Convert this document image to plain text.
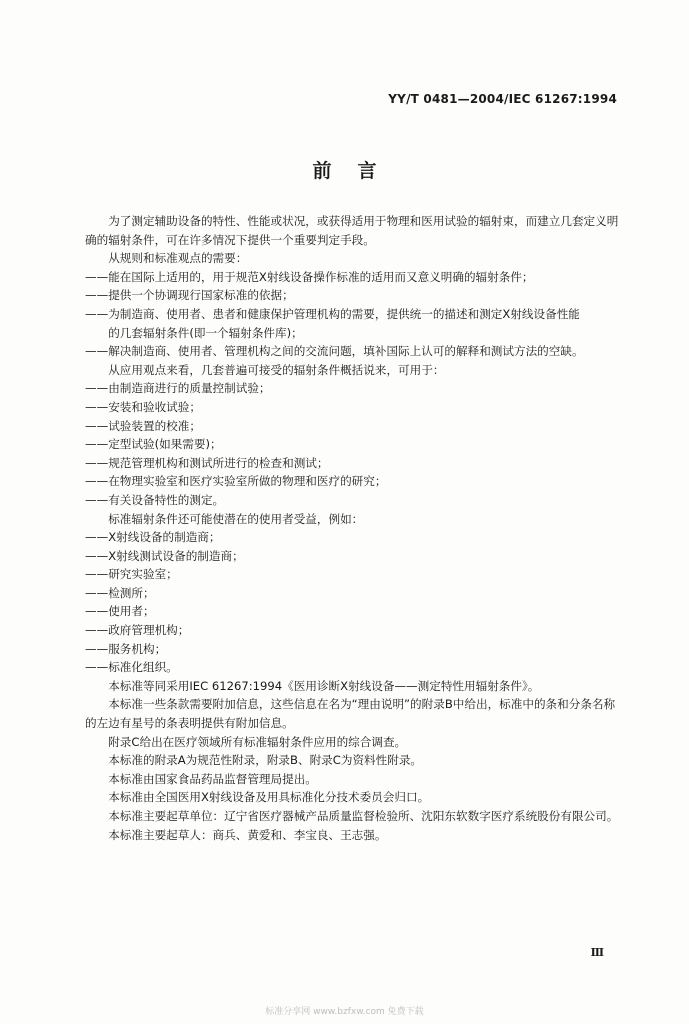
YY/T 0481—2004/IEC 61267:1994
前言

为了测定辅助设备的特性、性能或状况，或获得适用于物理和医用试验的辐射束，而建立几套定义明确的辐射条件，可在许多情况下提供一个重要判定手段。

从规则和标准观点的需要：

——能在国际上适用的，用于规范X射线设备操作标准的适用而又意义明确的辐射条件；

——提供一个协调现行国家标准的依据；

——为制造商、使用者、患者和健康保护管理机构的需要，提供统一的描述和测定X射线设备性能

的几套辐射条件(即一个辐射条件库)；

——解决制造商、使用者、管理机构之间的交流问题，填补国际上认可的解释和测试方法的空缺。

从应用观点来看，几套普遍可接受的辐射条件概括说来，可用于：

——由制造商进行的质量控制试验；

——安装和验收试验；

——试验装置的校准；

——定型试验(如果需要)；

——规范管理机构和测试所进行的检查和测试；

——在物理实验室和医疗实验室所做的物理和医疗的研究；

——有关设备特性的测定。

标准辐射条件还可能使潜在的使用者受益，例如：

——X射线设备的制造商；

——X射线测试设备的制造商；

——研究实验室；

——检测所；

——使用者；

——政府管理机构；

——服务机构；

——标准化组织。

本标准等同采用IEC 61267:1994《医用诊断X射线设备——测定特性用辐射条件》。

本标准一些条款需要附加信息，这些信息在名为“理由说明”的附录B中给出，标准中的条和分条名称的左边有星号的条表明提供有附加信息。

附录C给出在医疗领域所有标准辐射条件应用的综合调查。

本标准的附录A为规范性附录，附录B、附录C为资料性附录。

本标准由国家食品药品监督管理局提出。

本标准由全国医用X射线设备及用具标准化分技术委员会归口。

本标准主要起草单位：辽宁省医疗器械产品质量监督检验所、沈阳东软数字医疗系统股份有限公司。

本标准主要起草人：商兵、黄爱和、李宝良、王志强。

Ⅲ
标准分享网 www.bzfxw.com 免费下载
